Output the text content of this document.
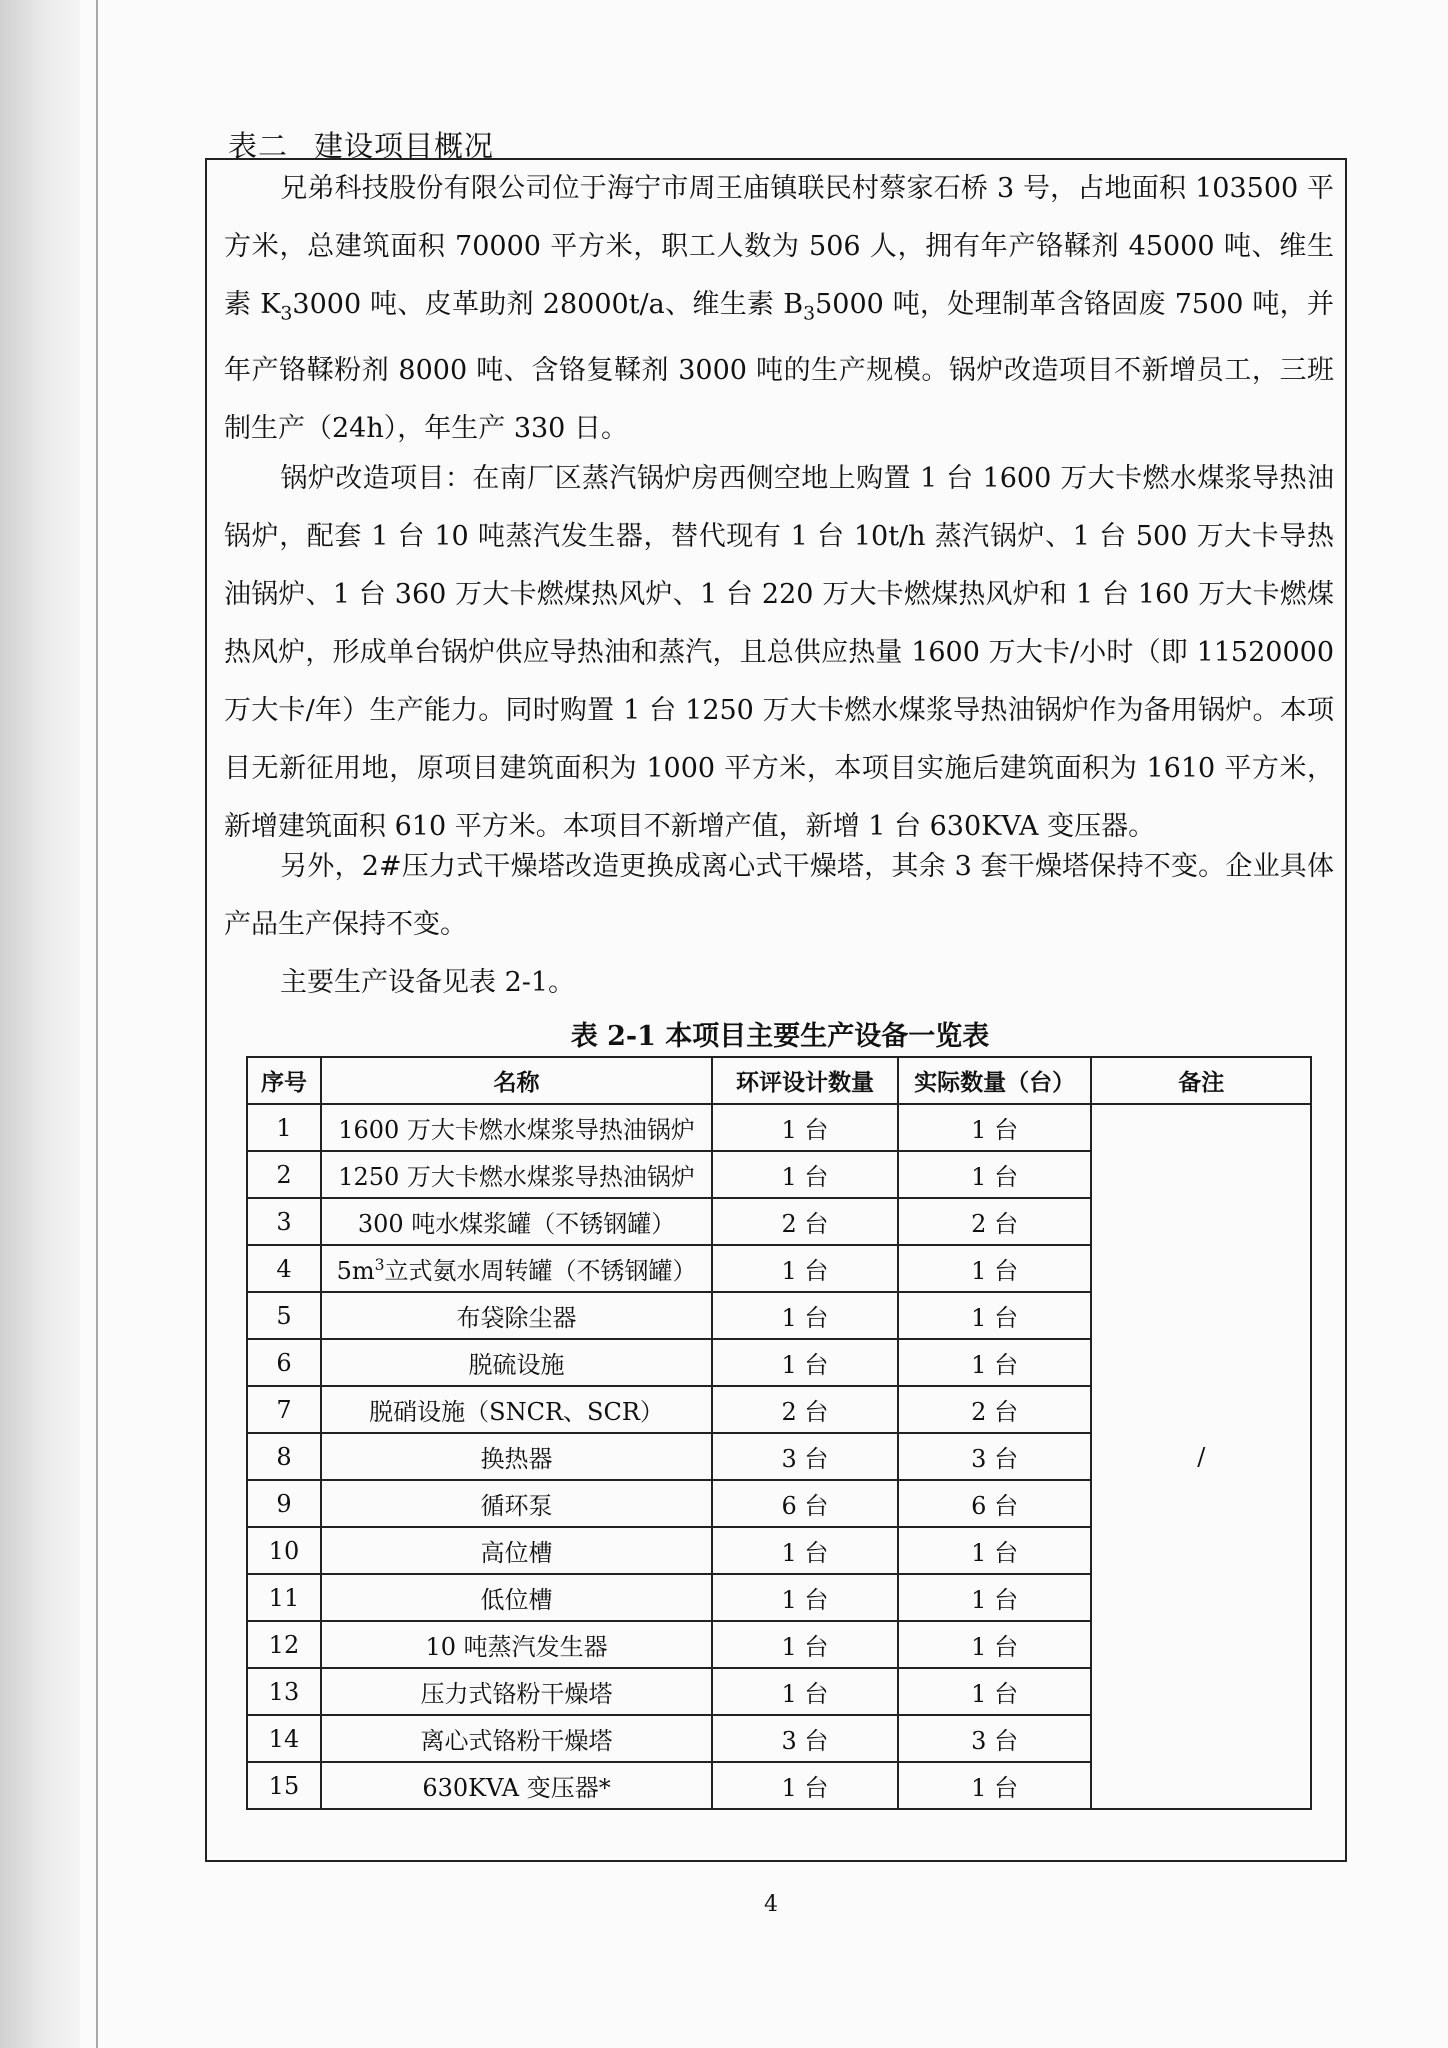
表二 建设项目概况

兄弟科技股份有限公司位于海宁市周王庙镇联民村蔡家石桥 3 号，占地面积 103500 平方米，总建筑面积 70000 平方米，职工人数为 506 人，拥有年产铬鞣剂 45000 吨、维生素 $K_33000$ 吨、皮革助剂 28000t/a、维生素 $B_35000$ 吨，处理制革含铬固废 7500 吨，并年产铬鞣粉剂 8000 吨、含铬复鞣剂 3000 吨的生产规模。锅炉改造项目不新增员工，三班制生产（24h），年生产 330 日。

锅炉改造项目：在南厂区蒸汽锅炉房西侧空地上购置 1 台 1600 万大卡燃水煤浆导热油锅炉，配套 1 台 10 吨蒸汽发生器，替代现有 1 台 10t/h 蒸汽锅炉、1 台 500 万大卡导热油锅炉、1 台 360 万大卡燃煤热风炉、1 台 220 万大卡燃煤热风炉和 1 台 160 万大卡燃煤热风炉，形成单台锅炉供应导热油和蒸汽，且总供应热量 1600 万大卡/小时（即 11520000 万大卡/年）生产能力。同时购置 1 台 1250 万大卡燃水煤浆导热油锅炉作为备用锅炉。本项目无新征用地，原项目建筑面积为 1000 平方米，本项目实施后建筑面积为 1610 平方米，新增建筑面积 610 平方米。本项目不新增产值，新增 1 台 630KVA 变压器。

另外，2#压力式干燥塔改造更换成离心式干燥塔，其余 3 套干燥塔保持不变。企业具体产品生产保持不变。

主要生产设备见表 2-1。

表 2-1 本项目主要生产设备一览表
序号	名称	环评设计数量	实际数量（台）	备注
1	1600 万大卡燃水煤浆导热油锅炉	1 台	1 台	/
2	1250 万大卡燃水煤浆导热油锅炉	1 台	1 台	
3	300 吨水煤浆罐（不锈钢罐）	2 台	2 台	
4	$5m^3$立式氨水周转罐（不锈钢罐）	1 台	1 台	
5	布袋除尘器	1 台	1 台	
6	脱硫设施	1 台	1 台	
7	脱硝设施（SNCR、SCR）	2 台	2 台	
8	换热器	3 台	3 台	
9	循环泵	6 台	6 台	
10	高位槽	1 台	1 台	
11	低位槽	1 台	1 台	
12	10 吨蒸汽发生器	1 台	1 台	
13	压力式铬粉干燥塔	1 台	1 台	
14	离心式铬粉干燥塔	3 台	3 台	
15	630KVA 变压器*	1 台	1 台	
4
